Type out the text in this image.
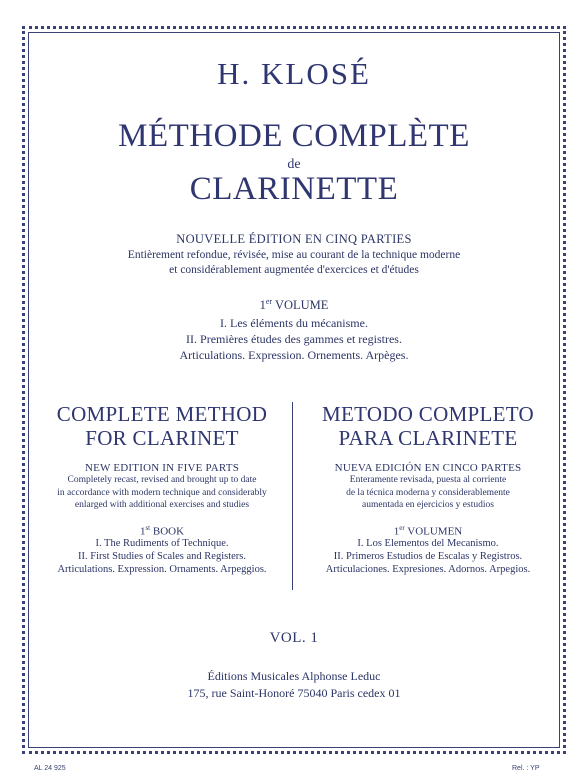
H. KLOSÉ
MÉTHODE COMPLÈTE
de
CLARINETTE
NOUVELLE ÉDITION EN CINQ PARTIES
Entièrement refondue, révisée, mise au courant de la technique moderne
et considérablement augmentée d'exercices et d'études
1er VOLUME
I. Les éléments du mécanisme.
II. Premières études des gammes et registres.
Articulations. Expression. Ornements. Arpèges.
COMPLETE METHOD
FOR CLARINET
NEW EDITION IN FIVE PARTS
Completely recast, revised and brought up to date
in accordance with modern technique and considerably
enlarged with additional exercises and studies
1st BOOK
I. The Rudiments of Technique.
II. First Studies of Scales and Registers.
Articulations. Expression. Ornaments. Arpeggios.
METODO COMPLETO
PARA CLARINETE
NUEVA EDICIÓN EN CINCO PARTES
Enteramente revisada, puesta al corriente
de la técnica moderna y considerablemente
aumentada en ejercicios y estudios
1er VOLUMEN
I. Los Elementos del Mecanismo.
II. Primeros Estudios de Escalas y Registros.
Articulaciones. Expresiones. Adornos. Arpegios.
VOL. 1
Éditions Musicales Alphonse Leduc
175, rue Saint-Honoré 75040 Paris cedex 01
AL 24 925	Rel. : YP
